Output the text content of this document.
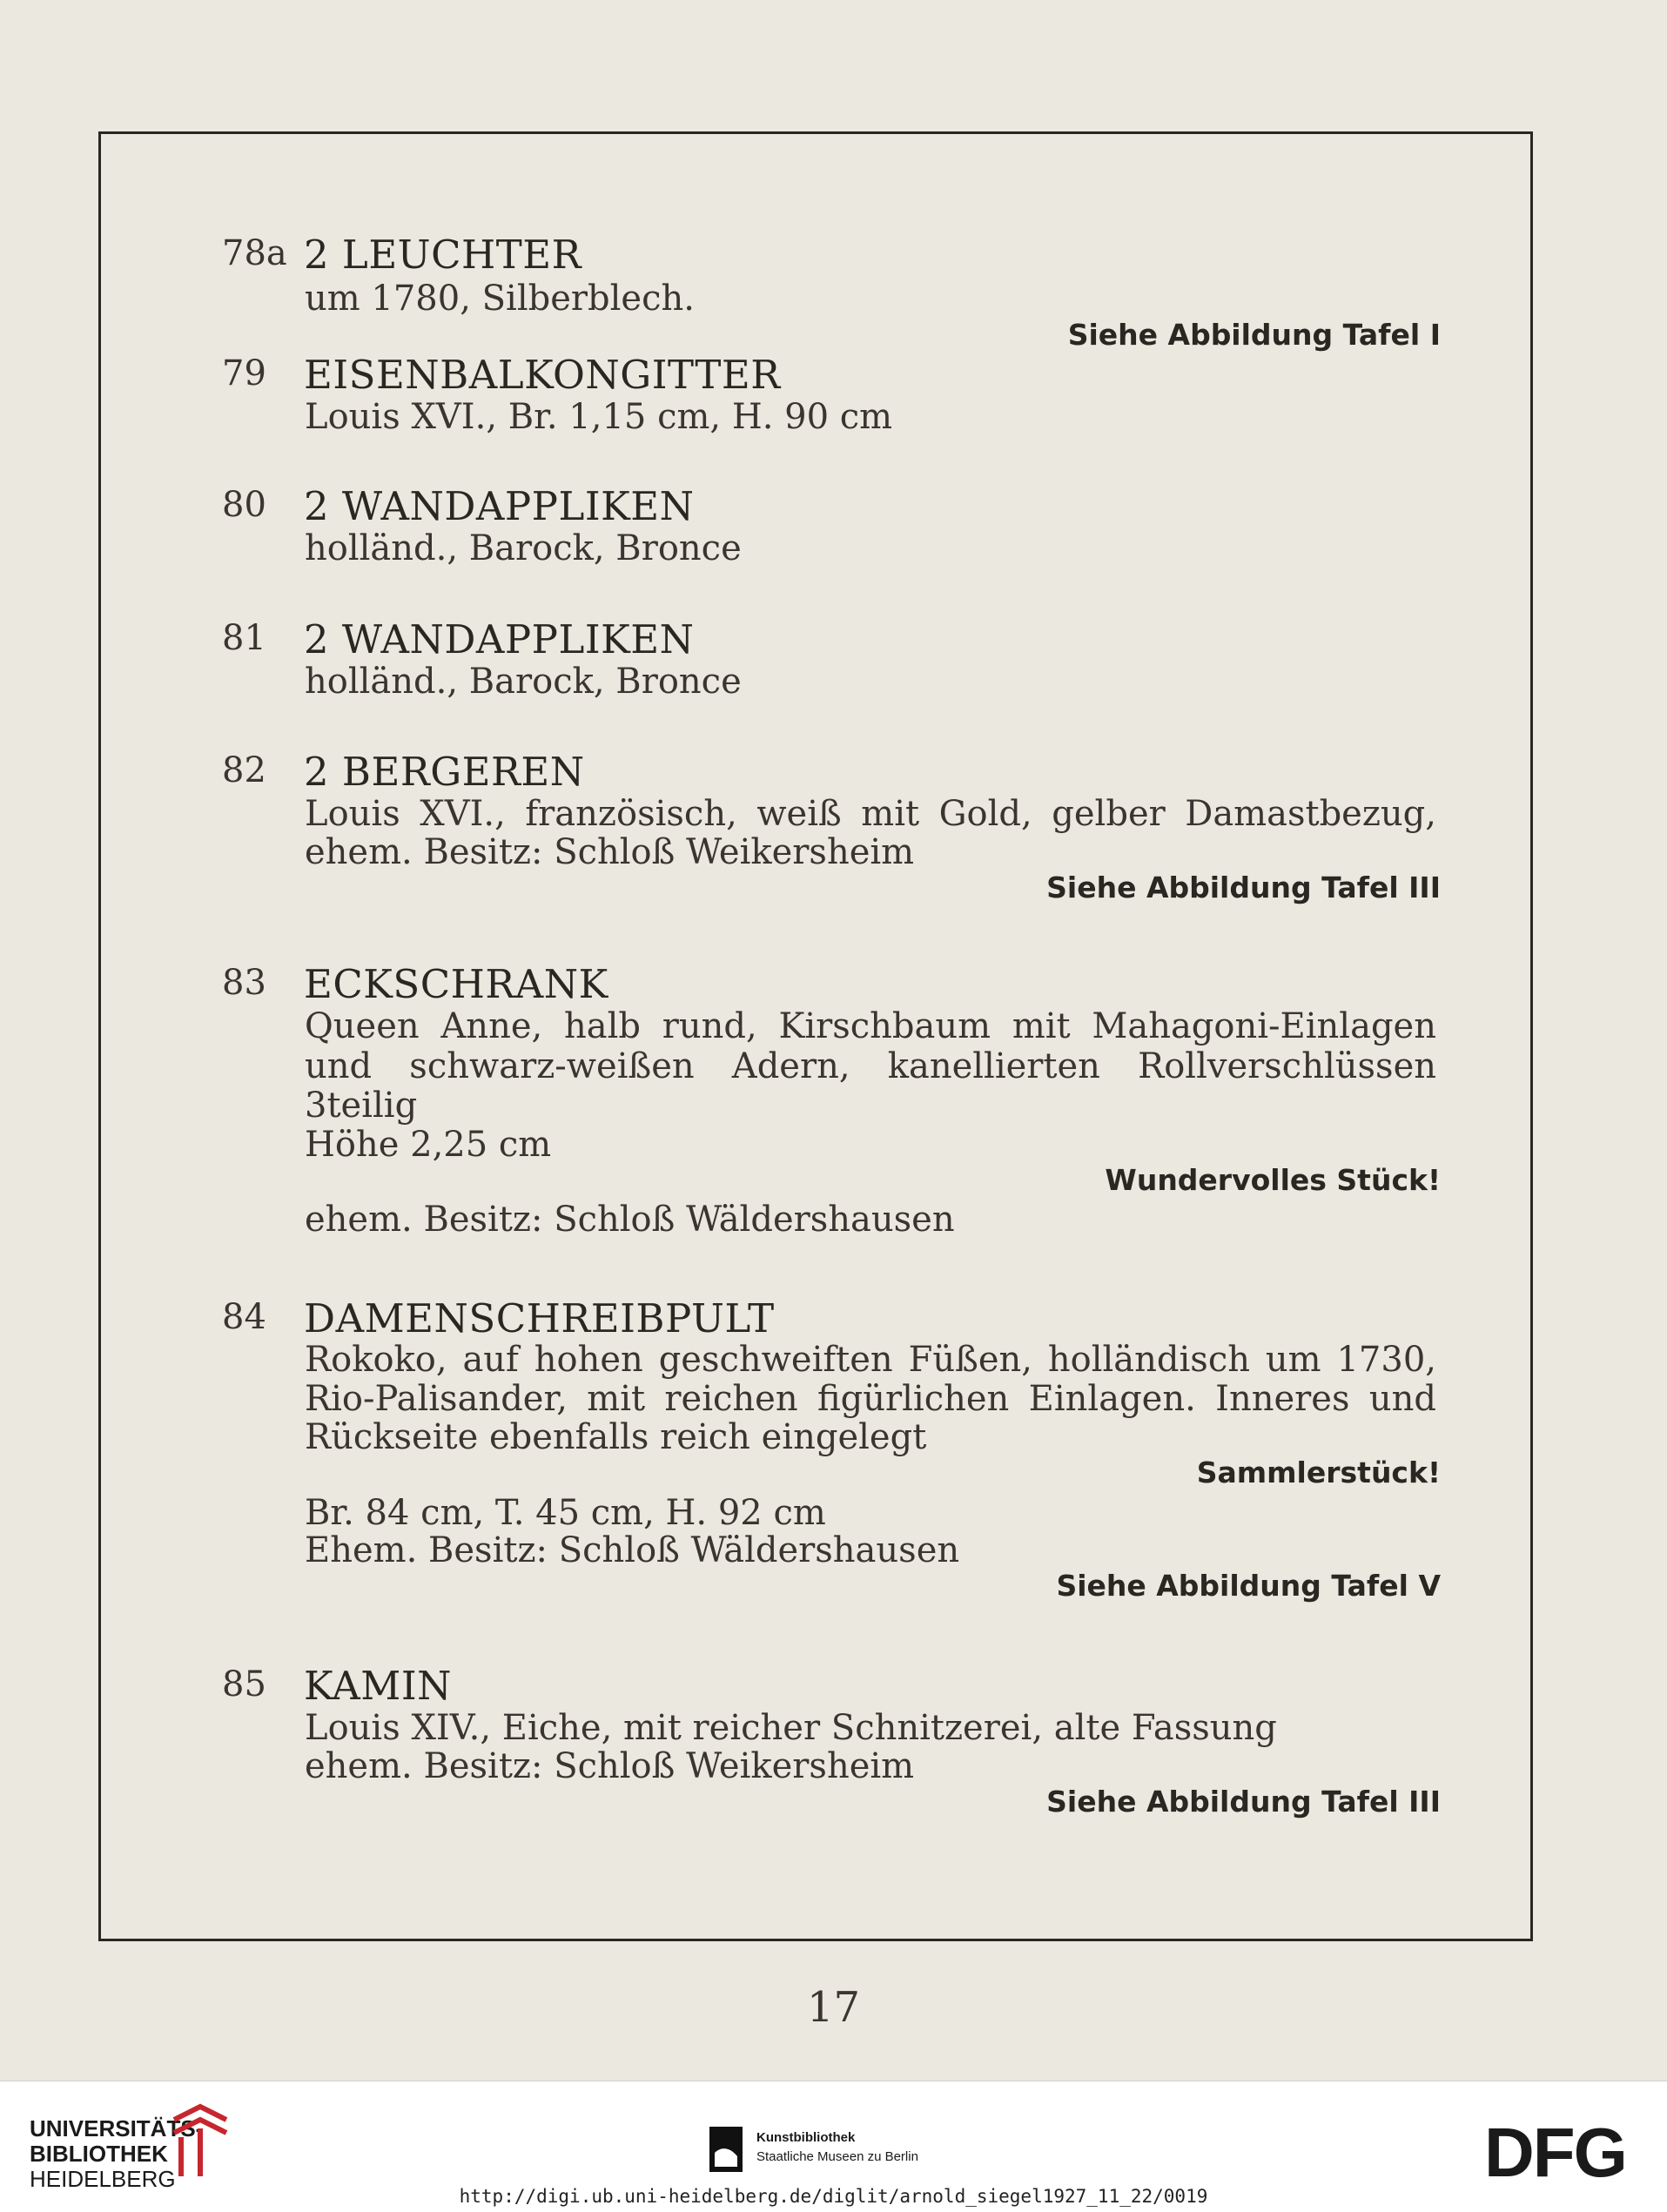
78a 2 LEUCHTER
um 1780, Silberblech.
Siehe Abbildung Tafel I
79 EISENBALKONGITTER
Louis XVI., Br. 1,15 cm, H. 90 cm
80 2 WANDAPPLIKEN
holländ., Barock, Bronce
81 2 WANDAPPLIKEN
holländ., Barock, Bronce
82 2 BERGEREN
Louis XVI., französisch, weiß mit Gold, gelber Damastbezug,
ehem. Besitz: Schloß Weikersheim
Siehe Abbildung Tafel III
83 ECKSCHRANK
Queen Anne, halb rund, Kirschbaum mit Mahagoni-Einlagen
und schwarz-weißen Adern, kanellierten Rollverschlüssen
3teilig
Höhe 2,25 cm
Wundervolles Stück!
ehem. Besitz: Schloß Wäldershausen
84 DAMENSCHREIBPULT
Rokoko, auf hohen geschweiften Füßen, holländisch um 1730,
Rio-Palisander, mit reichen figürlichen Einlagen. Inneres und
Rückseite ebenfalls reich eingelegt
Sammlerstück!
Br. 84 cm, T. 45 cm, H. 92 cm
Ehem. Besitz: Schloß Wäldershausen
Siehe Abbildung Tafel V
85 KAMIN
Louis XIV., Eiche, mit reicher Schnitzerei, alte Fassung
ehem. Besitz: Schloß Weikersheim
Siehe Abbildung Tafel III
17
UNIVERSITÄTS-
BIBLIOTHEK
HEIDELBERG
Kunstbibliothek
Staatliche Museen zu Berlin	DFG
http://digi.ub.uni-heidelberg.de/diglit/arnold_siegel1927_11_22/0019
